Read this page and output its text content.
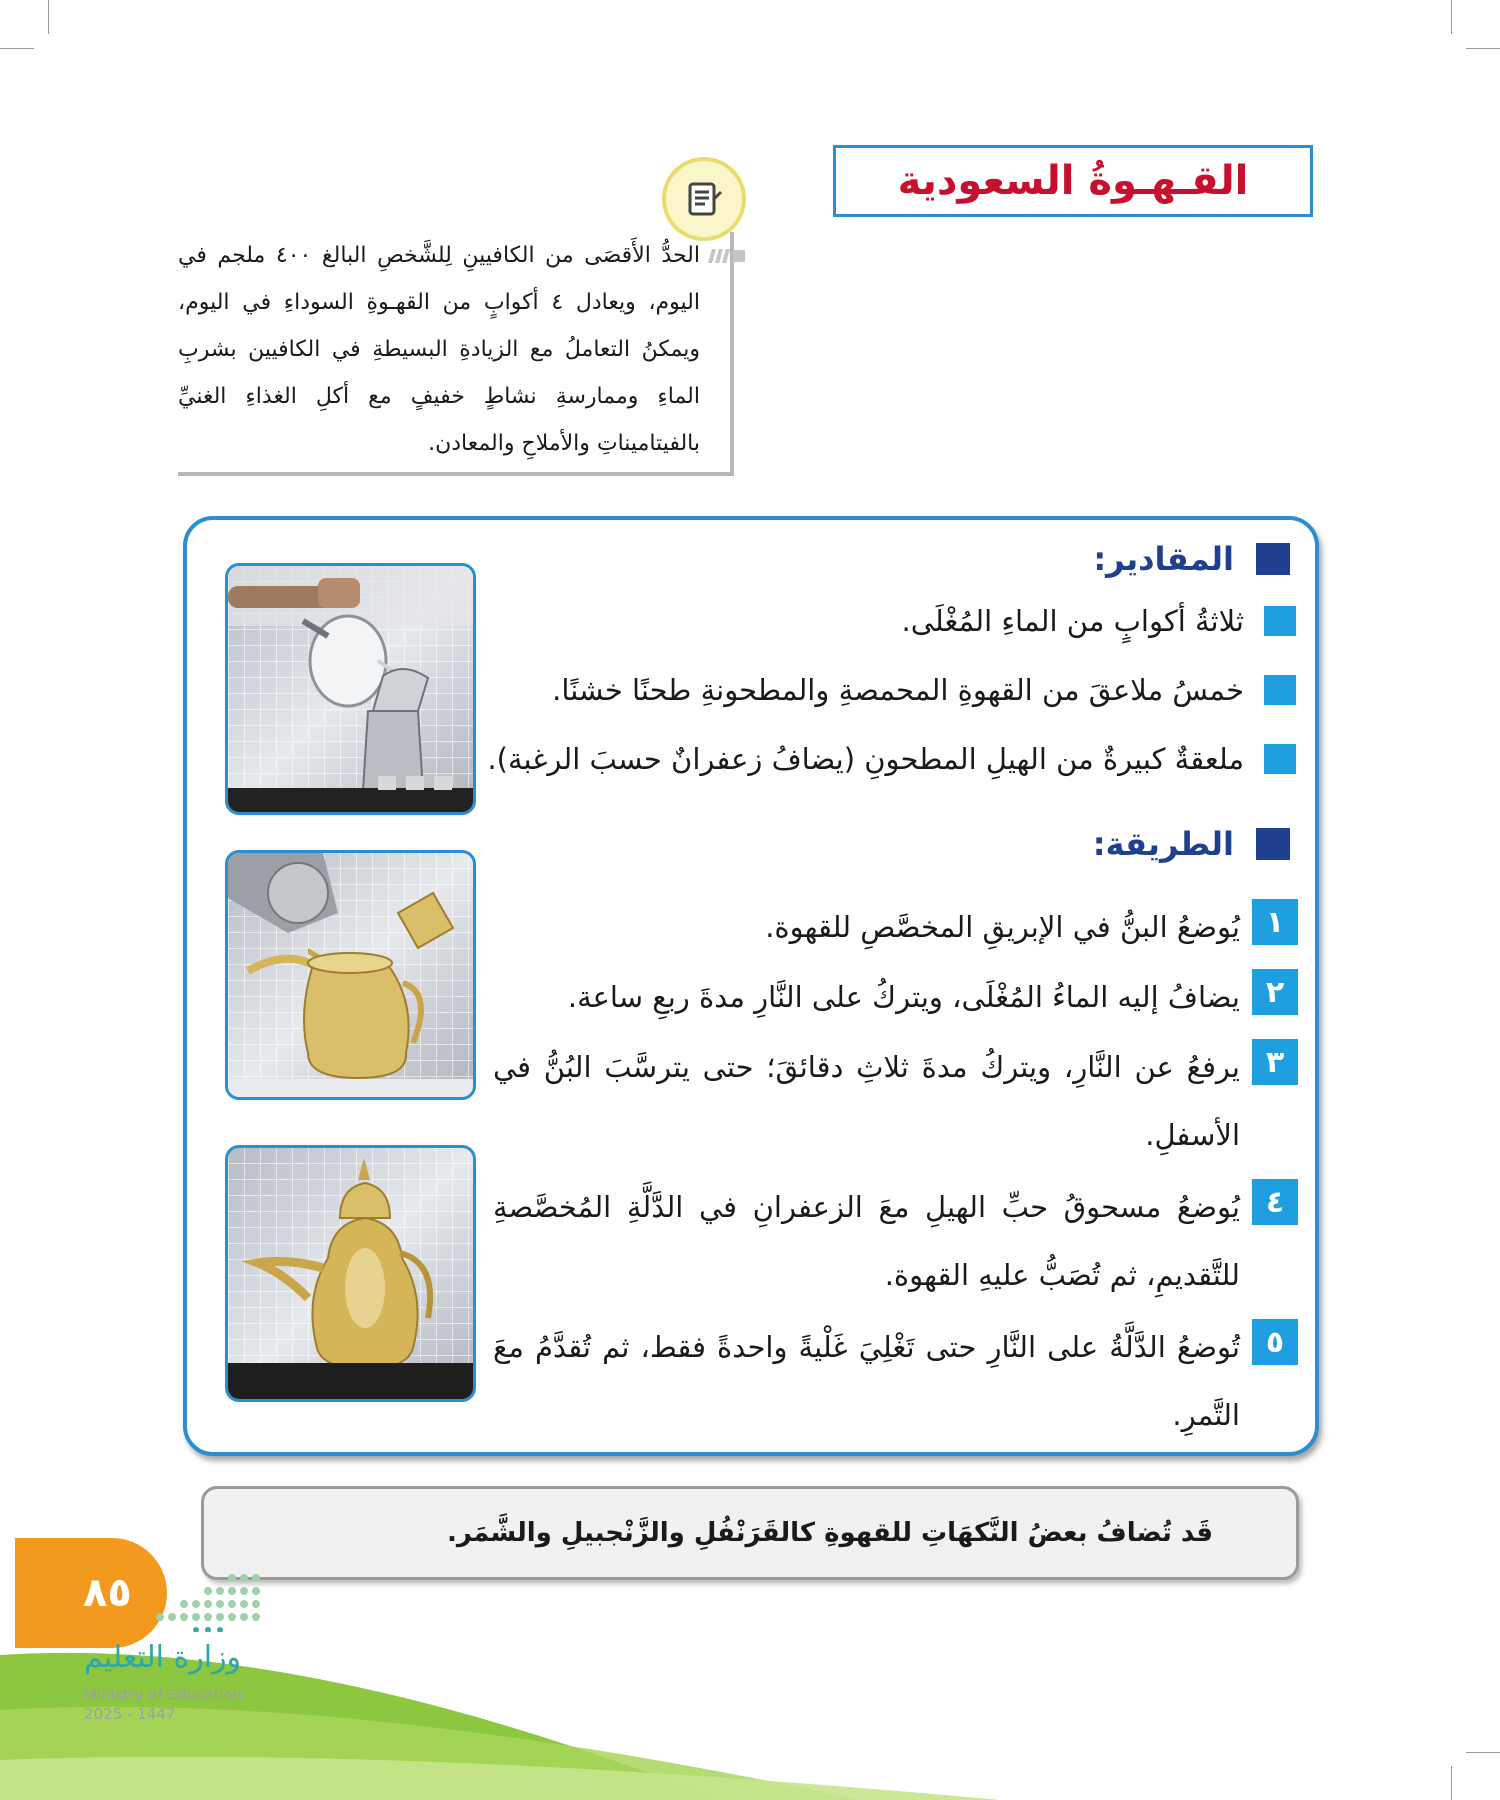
القـهـوةُ السعودية
الحدُّ الأَقصَى من الكافيينِ لِلشَّخصِ البالغ ٤٠٠ ملجم في اليوم، ويعادل ٤ أكوابٍ من القهـوةِ السوداءِ في اليوم، ويمكنُ التعاملُ مع الزيادةِ البسيطةِ في الكافيين بشربِ الماءِ وممارسةِ نشاطٍ خفيفٍ مع أكلِ الغذاءِ الغنيِّ بالفيتاميناتِ والأملاحِ والمعادن.
المقادير:
ثلاثةُ أكوابٍ من الماءِ المُغْلَى.
خمسُ ملاعقَ من القهوةِ المحمصةِ والمطحونةِ طحنًا خشنًا.
ملعقةٌ كبيرةٌ من الهيلِ المطحونِ (يضافُ زعفرانٌ حسبَ الرغبة).
الطريقة:
١
يُوضعُ البنُّ في الإبريقِ المخصَّصِ للقهوة.
٢
يضافُ إليه الماءُ المُغْلَى، ويتركُ على النَّارِ مدةَ ربعِ ساعة.
٣
يرفعُ عن النَّارِ، ويتركُ مدةَ ثلاثِ دقائقَ؛ حتى يترسَّبَ البُنُّ في الأسفلِ.
٤
يُوضعُ مسحوقُ حبِّ الهيلِ معَ الزعفرانِ في الدَّلَّةِ المُخصَّصةِ للتَّقديمِ، ثم تُصَبُّ عليهِ القهوة.
٥
تُوضعُ الدَّلَّةُ على النَّارِ حتى تَغْلِيَ غَلْيةً واحدةً فقط، ثم تُقدَّمُ معَ التَّمرِ.
قَد تُضافُ بعضُ النَّكهَاتِ للقهوةِ كالقَرَنْفُلِ والزَّنْجبيلِ والشَّمَر.
٨٥
وزارة التعليم
Ministry of Education
2025 - 1447
